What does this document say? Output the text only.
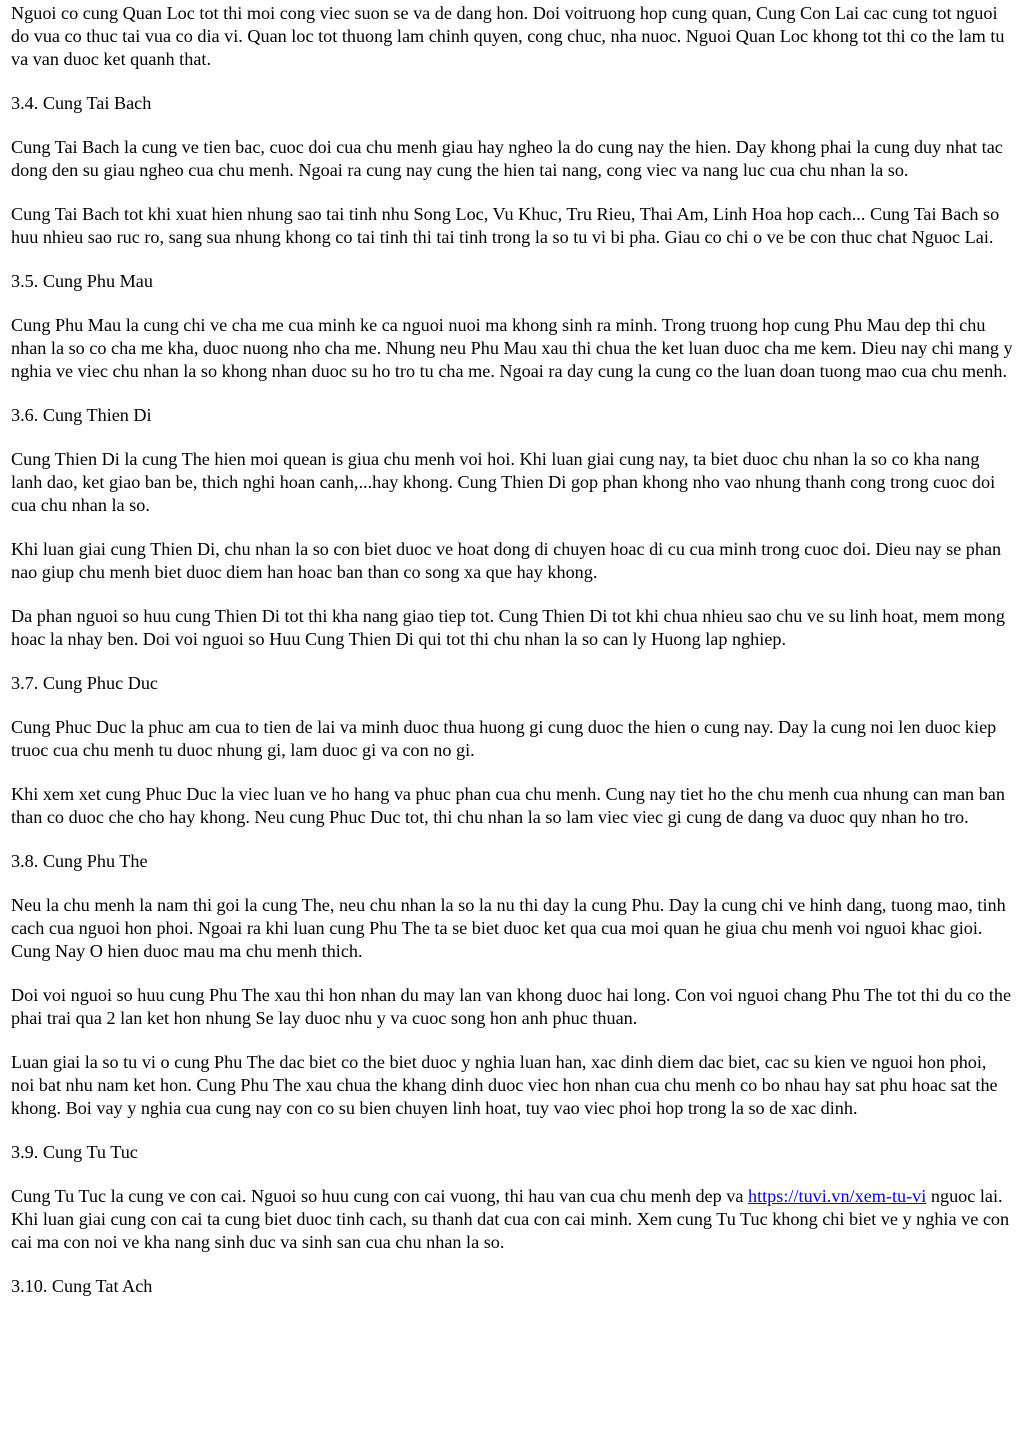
Nguoi co cung Quan Loc tot thi moi cong viec suon se va de dang hon. Doi voitruong hop cung quan, Cung Con Lai cac cung tot nguoi do vua co thuc tai vua co dia vi. Quan loc tot thuong lam chinh quyen, cong chuc, nha nuoc. Nguoi Quan Loc khong tot thi co the lam tu va van duoc ket quanh that.

3.4. Cung Tai Bach

Cung Tai Bach la cung ve tien bac, cuoc doi cua chu menh giau hay ngheo la do cung nay the hien. Day khong phai la cung duy nhat tac dong den su giau ngheo cua chu menh. Ngoai ra cung nay cung the hien tai nang, cong viec va nang luc cua chu nhan la so.

Cung Tai Bach tot khi xuat hien nhung sao tai tinh nhu Song Loc, Vu Khuc, Tru Rieu, Thai Am, Linh Hoa hop cach... Cung Tai Bach so huu nhieu sao ruc ro, sang sua nhung khong co tai tinh thi tai tinh trong la so tu vi bi pha. Giau co chi o ve be con thuc chat Nguoc Lai.

3.5. Cung Phu Mau

Cung Phu Mau la cung chi ve cha me cua minh ke ca nguoi nuoi ma khong sinh ra minh. Trong truong hop cung Phu Mau dep thi chu nhan la so co cha me kha, duoc nuong nho cha me. Nhung neu Phu Mau xau thi chua the ket luan duoc cha me kem. Dieu nay chi mang y nghia ve viec chu nhan la so khong nhan duoc su ho tro tu cha me. Ngoai ra day cung la cung co the luan doan tuong mao cua chu menh.

3.6. Cung Thien Di

Cung Thien Di la cung The hien moi quean is giua chu menh voi hoi. Khi luan giai cung nay, ta biet duoc chu nhan la so co kha nang lanh dao, ket giao ban be, thich nghi hoan canh,...hay khong. Cung Thien Di gop phan khong nho vao nhung thanh cong trong cuoc doi cua chu nhan la so.

Khi luan giai cung Thien Di, chu nhan la so con biet duoc ve hoat dong di chuyen hoac di cu cua minh trong cuoc doi. Dieu nay se phan nao giup chu menh biet duoc diem han hoac ban than co song xa que hay khong.

Da phan nguoi so huu cung Thien Di tot thi kha nang giao tiep tot. Cung Thien Di tot khi chua nhieu sao chu ve su linh hoat, mem mong hoac la nhay ben. Doi voi nguoi so Huu Cung Thien Di qui tot thi chu nhan la so can ly Huong lap nghiep.

3.7. Cung Phuc Duc

Cung Phuc Duc la phuc am cua to tien de lai va minh duoc thua huong gi cung duoc the hien o cung nay. Day la cung noi len duoc kiep truoc cua chu menh tu duoc nhung gi, lam duoc gi va con no gi.

Khi xem xet cung Phuc Duc la viec luan ve ho hang va phuc phan cua chu menh. Cung nay tiet ho the chu menh cua nhung can man ban than co duoc che cho hay khong. Neu cung Phuc Duc tot, thi chu nhan la so lam viec viec gi cung de dang va duoc quy nhan ho tro.

3.8. Cung Phu The

Neu la chu menh la nam thi goi la cung The, neu chu nhan la so la nu thi day la cung Phu. Day la cung chi ve hinh dang, tuong mao, tinh cach cua nguoi hon phoi. Ngoai ra khi luan cung Phu The ta se biet duoc ket qua cua moi quan he giua chu menh voi nguoi khac gioi. Cung Nay O hien duoc mau ma chu menh thich.

Doi voi nguoi so huu cung Phu The xau thi hon nhan du may lan van khong duoc hai long. Con voi nguoi chang Phu The tot thi du co the phai trai qua 2 lan ket hon nhung Se lay duoc nhu y va cuoc song hon anh phuc thuan.

Luan giai la so tu vi o cung Phu The dac biet co the biet duoc y nghia luan han, xac dinh diem dac biet, cac su kien ve nguoi hon phoi, noi bat nhu nam ket hon. Cung Phu The xau chua the khang dinh duoc viec hon nhan cua chu menh co bo nhau hay sat phu hoac sat the khong. Boi vay y nghia cua cung nay con co su bien chuyen linh hoat, tuy vao viec phoi hop trong la so de xac dinh.

3.9. Cung Tu Tuc

Cung Tu Tuc la cung ve con cai. Nguoi so huu cung con cai vuong, thi hau van cua chu menh dep va https://tuvi.vn/xem-tu-vi nguoc lai. Khi luan giai cung con cai ta cung biet duoc tinh cach, su thanh dat cua con cai minh. Xem cung Tu Tuc khong chi biet ve y nghia ve con cai ma con noi ve kha nang sinh duc va sinh san cua chu nhan la so.

3.10. Cung Tat Ach
